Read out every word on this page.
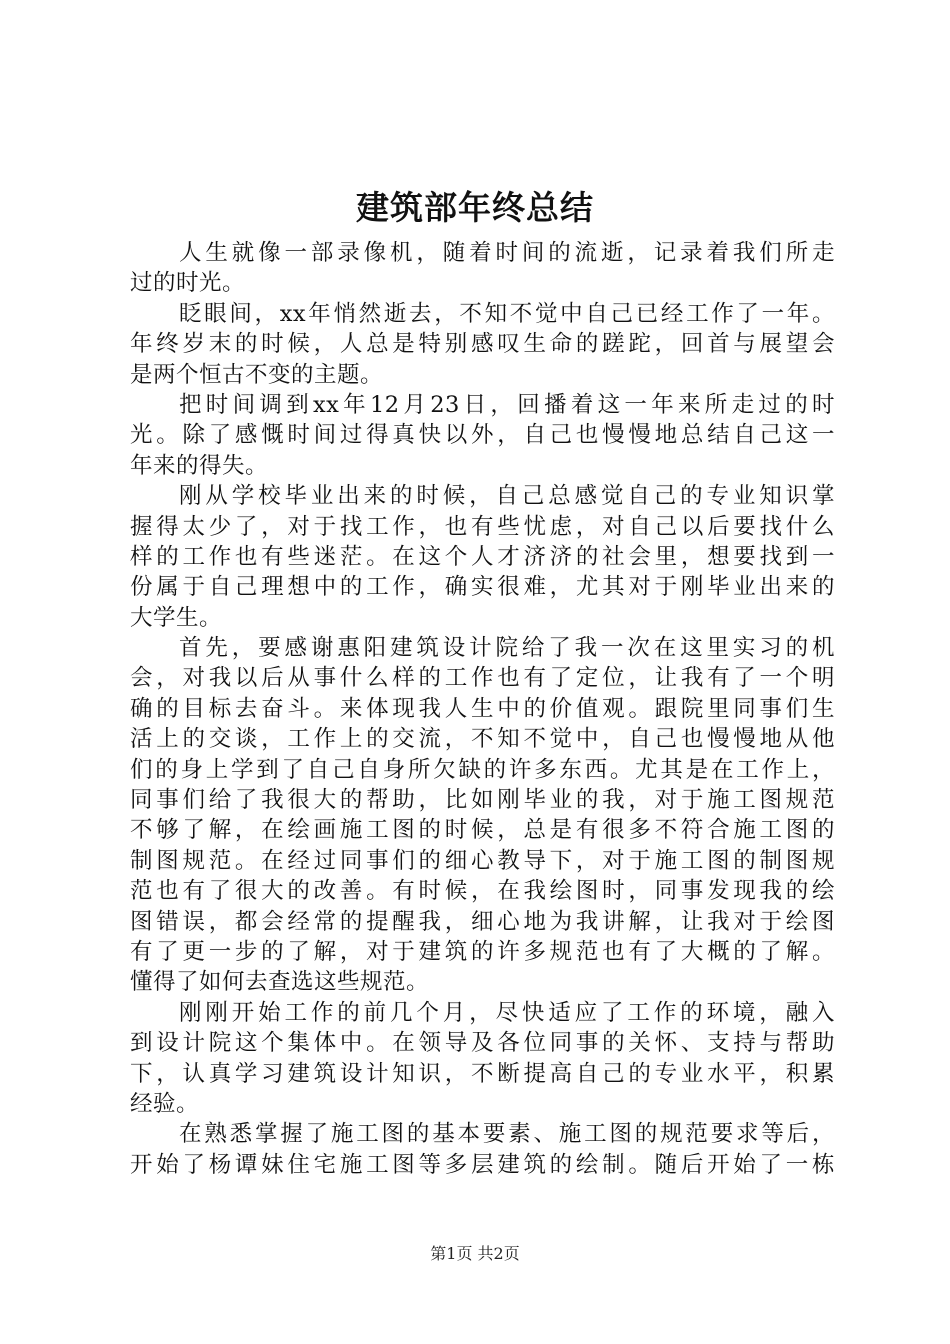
建筑部年终总结
人生就像一部录像机，随着时间的流逝，记录着我们所走
过的时光。
眨眼间，xx年悄然逝去，不知不觉中自己已经工作了一年。
年终岁末的时候，人总是特别感叹生命的蹉跎，回首与展望会
是两个恒古不变的主题。
把时间调到xx年12月23日，回播着这一年来所走过的时
光。除了感慨时间过得真快以外，自己也慢慢地总结自己这一
年来的得失。
刚从学校毕业出来的时候，自己总感觉自己的专业知识掌
握得太少了，对于找工作，也有些忧虑，对自己以后要找什么
样的工作也有些迷茫。在这个人才济济的社会里，想要找到一
份属于自己理想中的工作，确实很难，尤其对于刚毕业出来的
大学生。
首先，要感谢惠阳建筑设计院给了我一次在这里实习的机
会，对我以后从事什么样的工作也有了定位，让我有了一个明
确的目标去奋斗。来体现我人生中的价值观。跟院里同事们生
活上的交谈，工作上的交流，不知不觉中，自己也慢慢地从他
们的身上学到了自己自身所欠缺的许多东西。尤其是在工作上，
同事们给了我很大的帮助，比如刚毕业的我，对于施工图规范
不够了解，在绘画施工图的时候，总是有很多不符合施工图的
制图规范。在经过同事们的细心教导下，对于施工图的制图规
范也有了很大的改善。有时候，在我绘图时，同事发现我的绘
图错误，都会经常的提醒我，细心地为我讲解，让我对于绘图
有了更一步的了解，对于建筑的许多规范也有了大概的了解。
懂得了如何去查选这些规范。
刚刚开始工作的前几个月，尽快适应了工作的环境，融入
到设计院这个集体中。在领导及各位同事的关怀、支持与帮助
下，认真学习建筑设计知识，不断提高自己的专业水平，积累
经验。
在熟悉掌握了施工图的基本要素、施工图的规范要求等后，
开始了杨谭妹住宅施工图等多层建筑的绘制。随后开始了一栋
第1页 共2页
